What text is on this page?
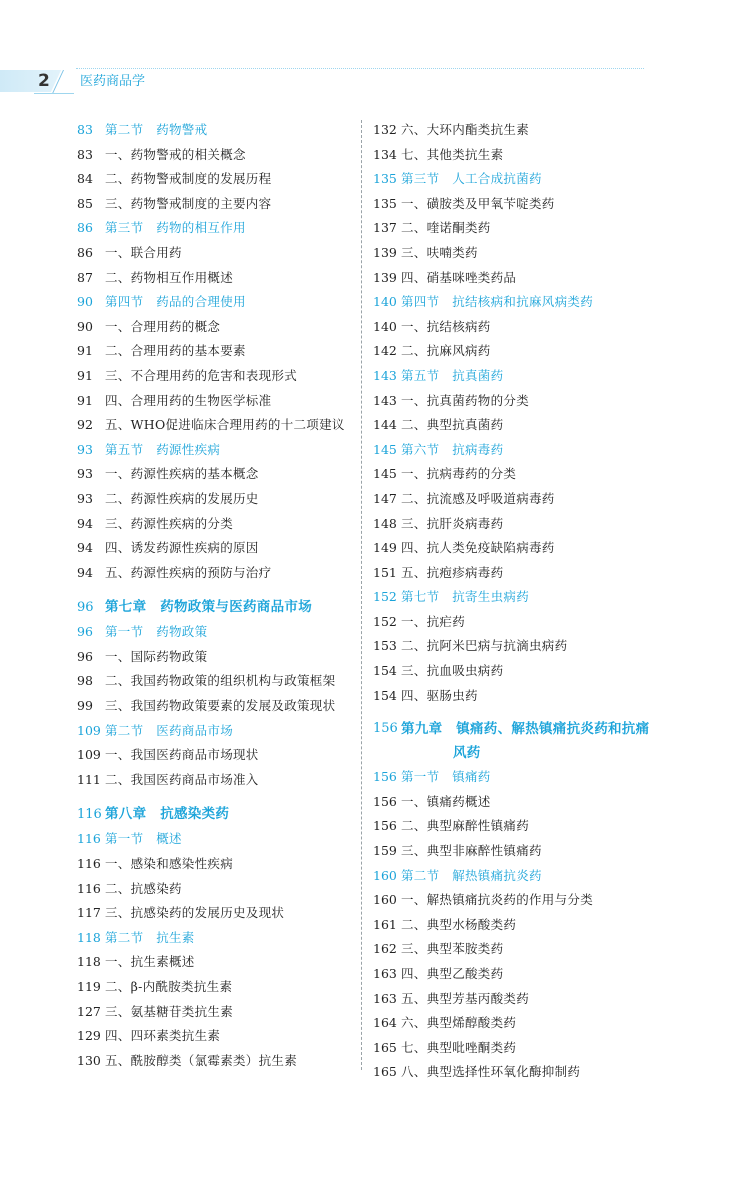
2 医药商品学
83 第二节　药物警戒
83 一、药物警戒的相关概念
84 二、药物警戒制度的发展历程
85 三、药物警戒制度的主要内容
86 第三节　药物的相互作用
86 一、联合用药
87 二、药物相互作用概述
90 第四节　药品的合理使用
90 一、合理用药的概念
91 二、合理用药的基本要素
91 三、不合理用药的危害和表现形式
91 四、合理用药的生物医学标准
92 五、WHO促进临床合理用药的十二项建议
93 第五节　药源性疾病
93 一、药源性疾病的基本概念
93 二、药源性疾病的发展历史
94 三、药源性疾病的分类
94 四、诱发药源性疾病的原因
94 五、药源性疾病的预防与治疗
96 第七章　药物政策与医药商品市场
96 第一节　药物政策
96 一、国际药物政策
98 二、我国药物政策的组织机构与政策框架
99 三、我国药物政策要素的发展及政策现状
109 第二节　医药商品市场
109 一、我国医药商品市场现状
111 二、我国医药商品市场准入
116 第八章　抗感染类药
116 第一节　概述
116 一、感染和感染性疾病
116 二、抗感染药
117 三、抗感染药的发展历史及现状
118 第二节　抗生素
118 一、抗生素概述
119 二、β-内酰胺类抗生素
127 三、氨基糖苷类抗生素
129 四、四环素类抗生素
130 五、酰胺醇类（氯霉素类）抗生素
132 六、大环内酯类抗生素
134 七、其他类抗生素
135 第三节　人工合成抗菌药
135 一、磺胺类及甲氧苄啶类药
137 二、喹诺酮类药
139 三、呋喃类药
139 四、硝基咪唑类药品
140 第四节　抗结核病和抗麻风病类药
140 一、抗结核病药
142 二、抗麻风病药
143 第五节　抗真菌药
143 一、抗真菌药物的分类
144 二、典型抗真菌药
145 第六节　抗病毒药
145 一、抗病毒药的分类
147 二、抗流感及呼吸道病毒药
148 三、抗肝炎病毒药
149 四、抗人类免疫缺陷病毒药
151 五、抗疱疹病毒药
152 第七节　抗寄生虫病药
152 一、抗疟药
153 二、抗阿米巴病与抗滴虫病药
154 三、抗血吸虫病药
154 四、驱肠虫药
156 第九章　镇痛药、解热镇痛抗炎药和抗痛
风药
156 第一节　镇痛药
156 一、镇痛药概述
156 二、典型麻醉性镇痛药
159 三、典型非麻醉性镇痛药
160 第二节　解热镇痛抗炎药
160 一、解热镇痛抗炎药的作用与分类
161 二、典型水杨酸类药
162 三、典型苯胺类药
163 四、典型乙酸类药
163 五、典型芳基丙酸类药
164 六、典型烯醇酸类药
165 七、典型吡唑酮类药
165 八、典型选择性环氧化酶抑制药
